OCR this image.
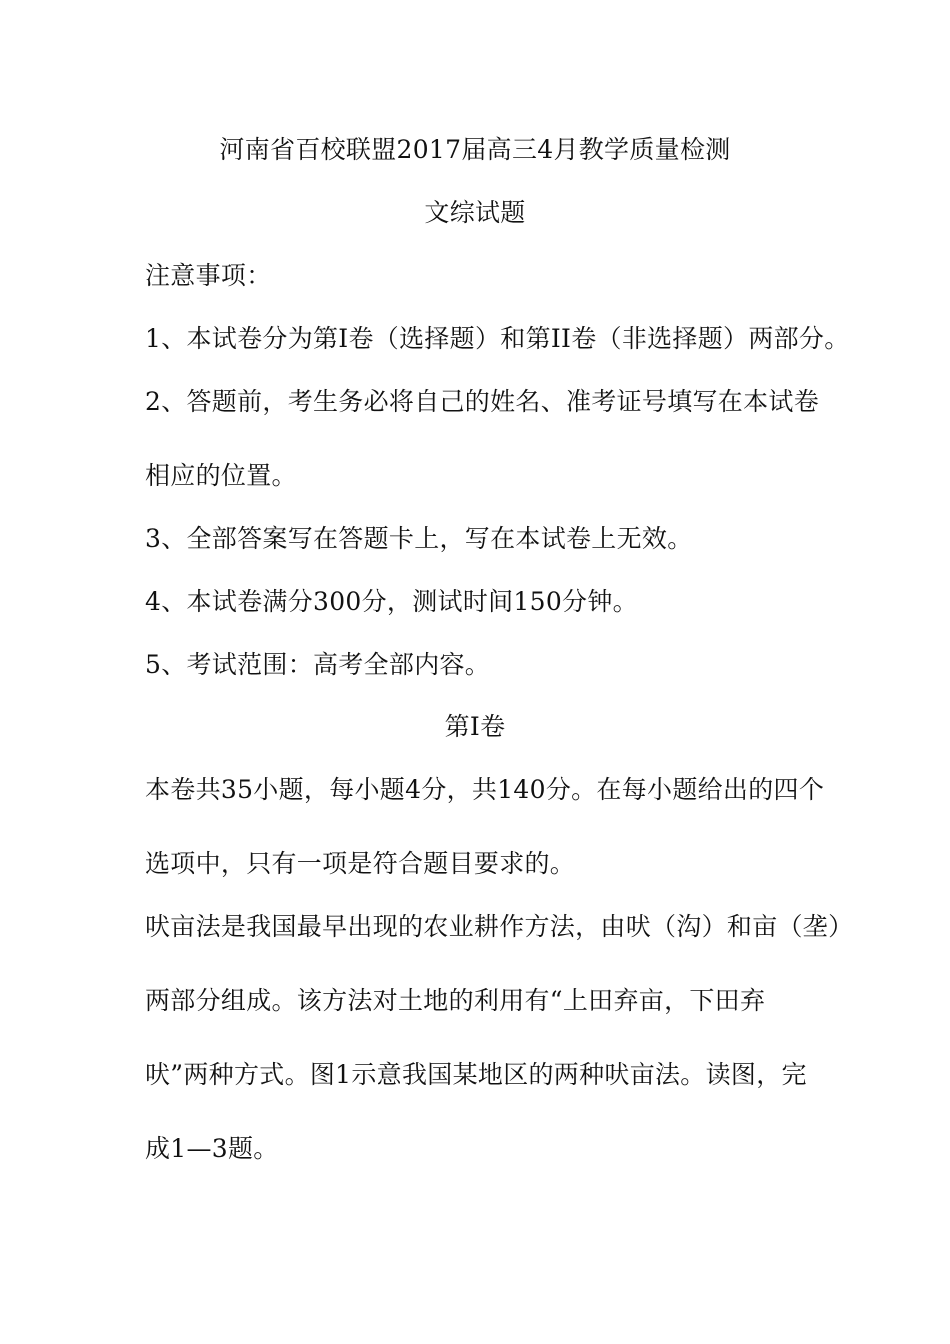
河南省百校联盟2017届高三4月教学质量检测
文综试题
注意事项：
1、本试卷分为第Ⅰ卷（选择题）和第ⅠI卷（非选择题）两部分。
2、答题前，考生务必将自己的姓名、准考证号填写在本试卷
相应的位置。
3、全部答案写在答题卡上，写在本试卷上无效。
4、本试卷满分300分，测试时间150分钟。
5、考试范围：高考全部内容。
第Ⅰ卷
本卷共35小题，每小题4分，共140分。在每小题给出的四个
选项中，只有一项是符合题目要求的。
吠亩法是我国最早出现的农业耕作方法，由吠（沟）和亩（垄）
两部分组成。该方法对土地的利用有“上田弃亩，下田弃
吠”两种方式。图1示意我国某地区的两种吠亩法。读图，完
成1—3题。
